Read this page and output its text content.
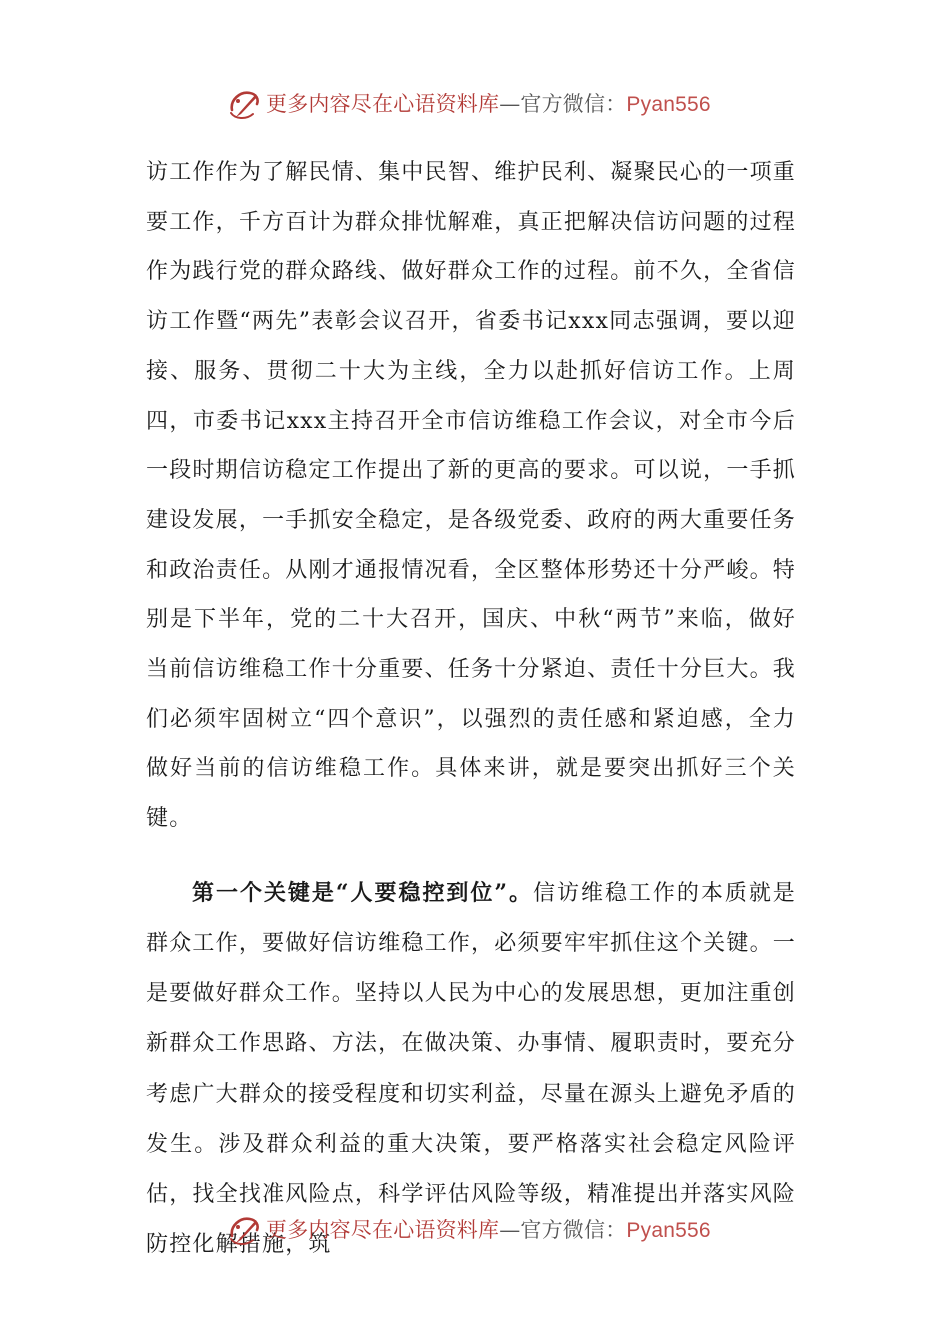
更多内容尽在心语资料库—官方微信：Pyan556

访工作作为了解民情、集中民智、维护民利、凝聚民心的一项重要工作，千方百计为群众排忧解难，真正把解决信访问题的过程作为践行党的群众路线、做好群众工作的过程。前不久，全省信访工作暨“两先”表彰会议召开，省委书记xxx同志强调，要以迎接、服务、贯彻二十大为主线，全力以赴抓好信访工作。上周四，市委书记xxx主持召开全市信访维稳工作会议，对全市今后一段时期信访稳定工作提出了新的更高的要求。可以说，一手抓建设发展，一手抓安全稳定，是各级党委、政府的两大重要任务和政治责任。从刚才通报情况看，全区整体形势还十分严峻。特别是下半年，党的二十大召开，国庆、中秋“两节”来临，做好当前信访维稳工作十分重要、任务十分紧迫、责任十分巨大。我们必须牢固树立“四个意识”，以强烈的责任感和紧迫感，全力做好当前的信访维稳工作。具体来讲，就是要突出抓好三个关键。

第一个关键是“人要稳控到位”。信访维稳工作的本质就是群众工作，要做好信访维稳工作，必须要牢牢抓住这个关键。一是要做好群众工作。坚持以人民为中心的发展思想，更加注重创新群众工作思路、方法，在做决策、办事情、履职责时，要充分考虑广大群众的接受程度和切实利益，尽量在源头上避免矛盾的发生。涉及群众利益的重大决策，要严格落实社会稳定风险评估，找全找准风险点，科学评估风险等级，精准提出并落实风险防控化解措施，筑

更多内容尽在心语资料库—官方微信：Pyan556
